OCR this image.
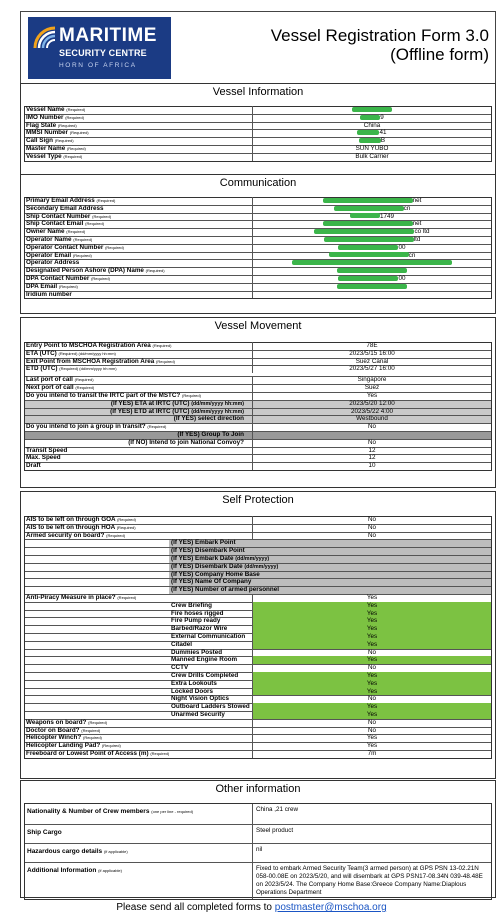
MARITIME
SECURITY CENTRE
HORN OF AFRICA
Vessel Registration Form 3.0
(Offline form)
Vessel Information
Vessel Name (Required)
IMO Number (Required)	9
Flag State (Required)	China
MMSI Number (Required)	41
Call Sign (Required)	B
Master Name (Required)	SUN YUBO
Vessel Type (Required)	Bulk Carrier
Communication
Primary Email Address (Required)	net
Secondary Email Address	cn
Ship Contact Number (Required)	1749
Ship Contact Email (Required)	net
Owner Name (Required)	co ltd
Operator Name (Required)	ltd
Operator Contact Number (Required)	00
Operator Email (Required)	cn
Operator Address
Designated Person Ashore (DPA) Name (Required)
DPA Contact Number (Required)	00
DPA Email (Required)
Iridium number
Vessel Movement
Entry Point to MSCHOA Registration Area (Required)	78E
ETA (UTC) (Required) (dd/mm/yyyy hh:mm)	2023/5/15 16:00
Exit Point from MSCHOA Registration Area (Required)	Suez Canal
ETD (UTC) (Required) (dd/mm/yyyy hh:mm)	2023/5/27 16:00
Last port of call (Required)	Singapore
Next port of call (Required)	Suez
Do you intend to transit the IRTC part of the MSTC? (Required)	Yes
(If YES) ETA at IRTC (UTC) (dd/mm/yyyy hh:mm)	2023/5/20 12:00
(If YES) ETD at IRTC (UTC) (dd/mm/yyyy hh:mm)	2023/5/22 4:00
(If YES) select direction	Westbound
Do you intend to join a group in transit? (Required)	No
(If YES) Group To Join
(If NO) Intend to join National Convoy?	No
Transit Speed	12
Max. Speed	12
Draft	10
Self Protection
AIS to be left on through GOA (Required)	No
AIS to be left on through HOA (Required)	No
Armed security on board? (Required)	No
(If YES) Embark Point
(If YES) Disembark Point
(If YES) Embark Date (dd/mm/yyyy)
(If YES) Disembark Date (dd/mm/yyyy)
(If YES) Company Home Base
(If YES) Name Of Company
(If YES) Number of armed personnel
Anti-Piracy Measure in place? (Required)	Yes
Crew Briefing	Yes
Fire hoses rigged	Yes
Fire Pump ready	Yes
Barbed/Razor Wire	Yes
External Communication	Yes
Citadel	Yes
Dummies Posted	No
Manned Engine Room	Yes
CCTV	No
Crew Drills Completed	Yes
Extra Lookouts	Yes
Locked Doors	Yes
Night Vision Optics	No
Outboard Ladders Stowed	Yes
Unarmed Security	Yes
Weapons on board? (Required)	No
Doctor on Board? (Required)	No
Helicopter Winch? (Required)	Yes
Helicopter Landing Pad? (Required)	Yes
Freeboard or Lowest Point of Access (m) (Required)	7m
Other information
Nationality & Number of Crew members (one per line - required)	China ,21 crew
Ship Cargo	Steel product
Hazardous cargo details (if applicable)	nil
Additional Information (if applicable)	Fixed to embark Armed Security Team(3 armed person) at GPS PSN 13-02.21N 058-00.08E on 2023/5/20, and will disembark at GPS PSN17-08.34N 039-48.48E on 2023/5/24. The Company Home Base:Greece Company Name:Diaplous Operations Department
Please send all completed forms to postmaster@mschoa.org
